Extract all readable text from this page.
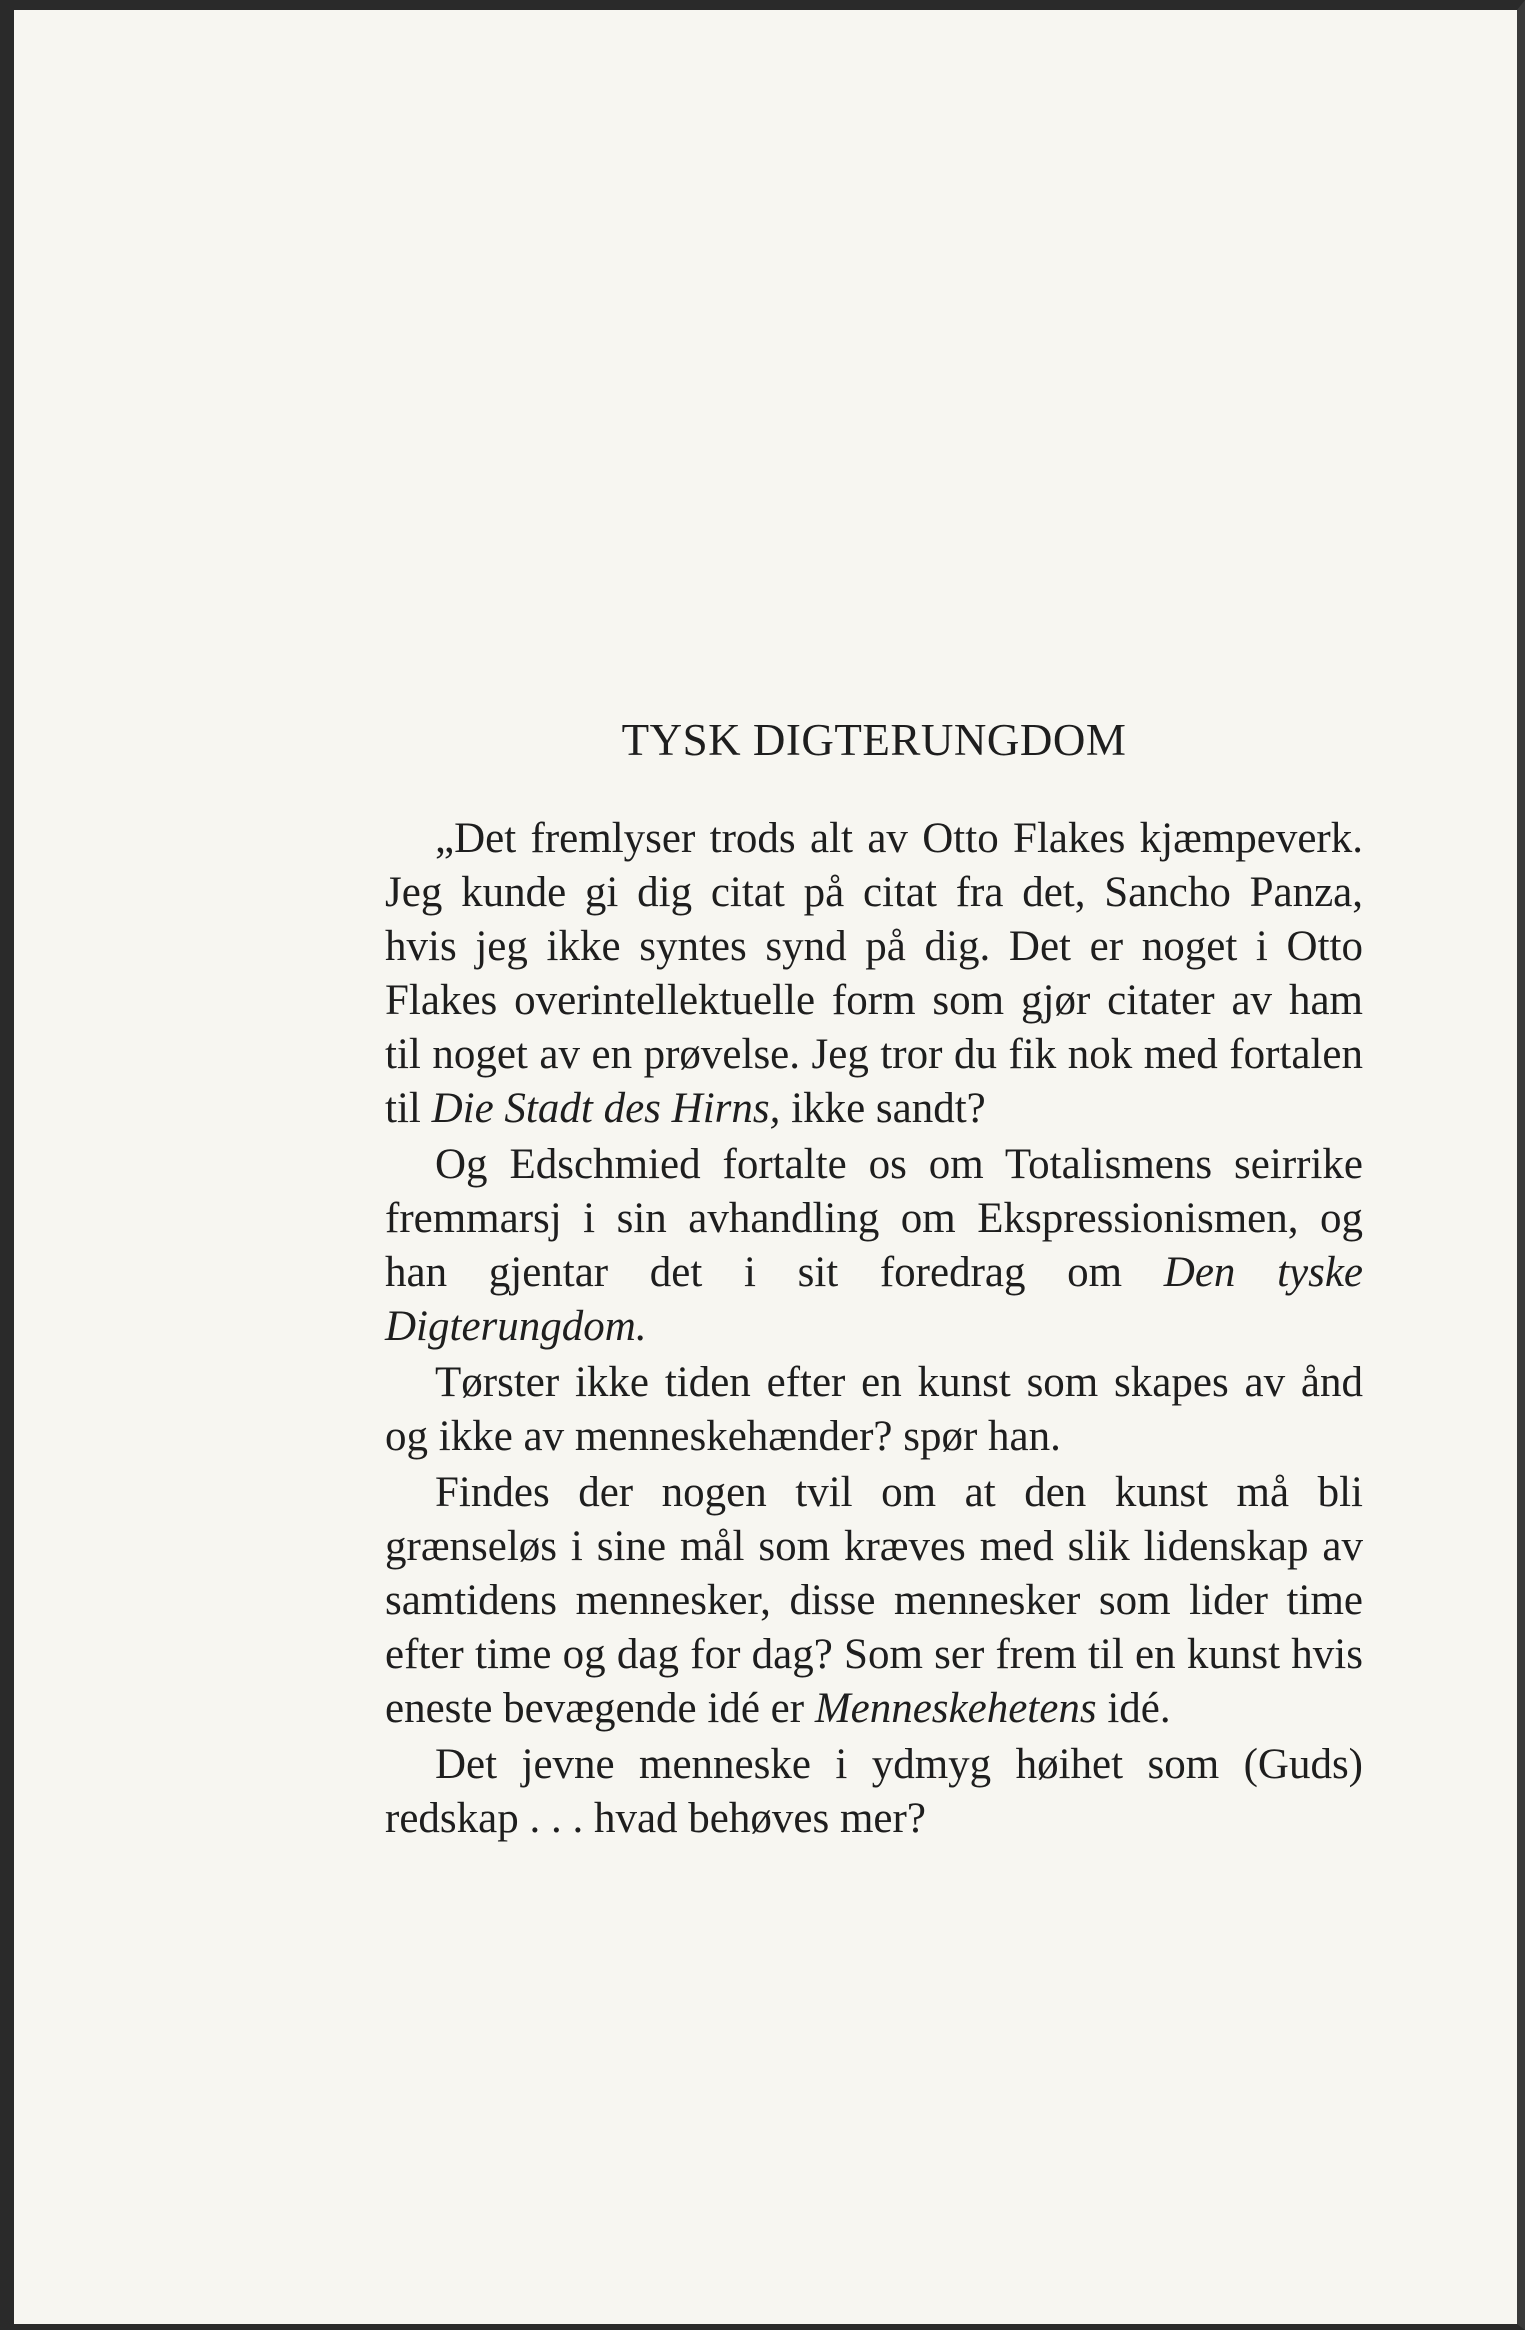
TYSK DIGTERUNGDOM

„Det fremlyser trods alt av Otto Flakes kjæmpeverk. Jeg kunde gi dig citat på citat fra det, Sancho Panza, hvis jeg ikke syntes synd på dig. Det er noget i Otto Flakes overintellektuelle form som gjør citater av ham til noget av en prøvelse. Jeg tror du fik nok med fortalen til Die Stadt des Hirns, ikke sandt?

Og Edschmied fortalte os om Totalismens seirrike fremmarsj i sin avhandling om Ekspressionismen, og han gjentar det i sit foredrag om Den tyske Digterungdom.

Tørster ikke tiden efter en kunst som skapes av ånd og ikke av menneskehænder? spør han.

Findes der nogen tvil om at den kunst må bli grænseløs i sine mål som kræves med slik lidenskap av samtidens mennesker, disse mennesker som lider time efter time og dag for dag? Som ser frem til en kunst hvis eneste bevægende idé er Menneskehetens idé.

Det jevne menneske i ydmyg høihet som (Guds) redskap . . . hvad behøves mer?
